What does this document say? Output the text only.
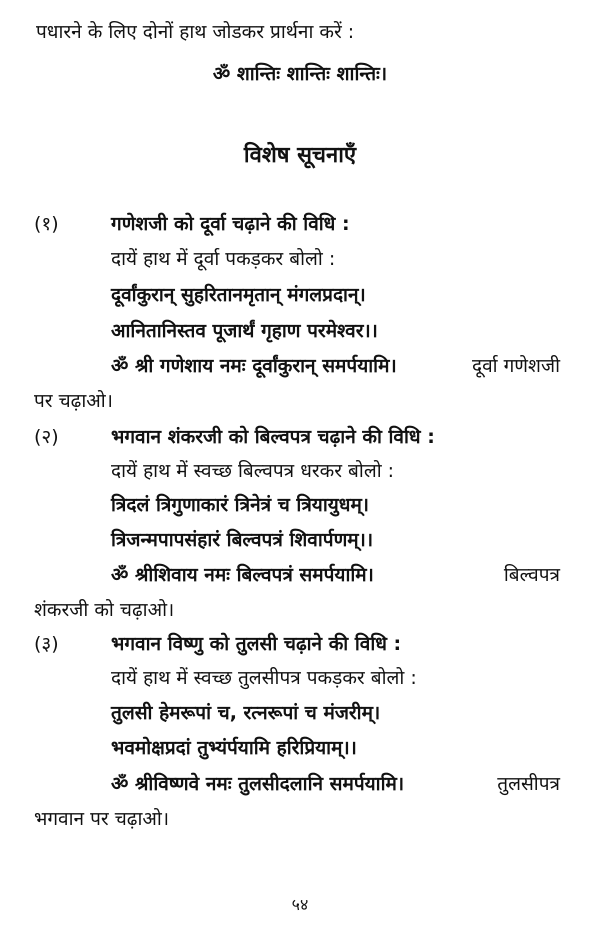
पधारने के लिए दोनों हाथ जोडकर प्रार्थना करें :
ॐ शान्तिः शान्तिः शान्तिः।
विशेष सूचनाएँ
(१)	गणेशजी को दूर्वा चढ़ाने की विधि :
दायें हाथ में दूर्वा पकड़कर बोलो :
दूर्वांकुरान् सुहरितानमृतान् मंगलप्रदान्।
आनितानिस्तव पूजार्थं गृहाण परमेश्वर।।
ॐ श्री गणेशाय नमः दूर्वांकुरान् समर्पयामि।	दूर्वा गणेशजी
पर चढ़ाओ।
(२)	भगवान शंकरजी को बिल्वपत्र चढ़ाने की विधि :
दायें हाथ में स्वच्छ बिल्वपत्र धरकर बोलो :
त्रिदलं त्रिगुणाकारं त्रिनेत्रं च त्रियायुधम्।
त्रिजन्मपापसंहारं बिल्वपत्रं शिवार्पणम्।।
ॐ श्रीशिवाय नमः बिल्वपत्रं समर्पयामि।	बिल्वपत्र
शंकरजी को चढ़ाओ।
(३)	भगवान विष्णु को तुलसी चढ़ाने की विधि :
दायें हाथ में स्वच्छ तुलसीपत्र पकड़कर बोलो :
तुलसी हेमरूपां च, रत्नरूपां च मंजरीम्।
भवमोक्षप्रदां तुभ्यंर्पयामि हरिप्रियाम्।।
ॐ श्रीविष्णवे नमः तुलसीदलानि समर्पयामि।	तुलसीपत्र
भगवान पर चढ़ाओ।
५४
